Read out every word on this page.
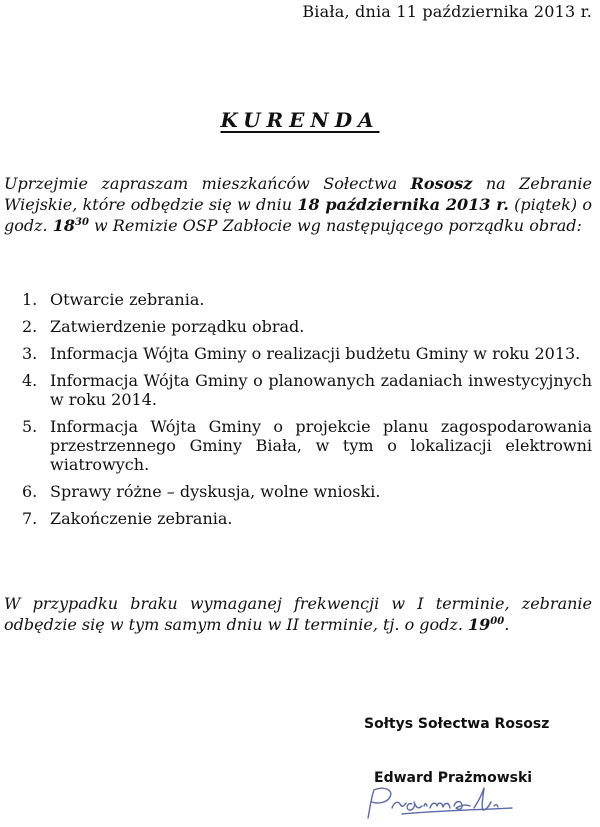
Biała, dnia 11 października 2013 r.
KURENDA

Uprzejmie zapraszam mieszkańców Sołectwa Rososz na Zebranie Wiejskie, które odbędzie się w dniu 18 października 2013 r. (piątek) o godz. $18^{30}$ w Remizie OSP Zabłocie wg następującego porządku obrad:

1. Otwarcie zebrania.
2. Zatwierdzenie porządku obrad.
3. Informacja Wójta Gminy o realizacji budżetu Gminy w roku 2013.
4. Informacja Wójta Gminy o planowanych zadaniach inwestycyjnych w roku 2014.
5. Informacja Wójta Gminy o projekcie planu zagospodarowania przestrzennego Gminy Biała, w tym o lokalizacji elektrowni wiatrowych.
6. Sprawy różne – dyskusja, wolne wnioski.
7. Zakończenie zebrania.

W przypadku braku wymaganej frekwencji w I terminie, zebranie odbędzie się w tym samym dniu w II terminie, tj. o godz. $19^{00}$.

Sołtys Sołectwa Rososz
Edward Prażmowski
